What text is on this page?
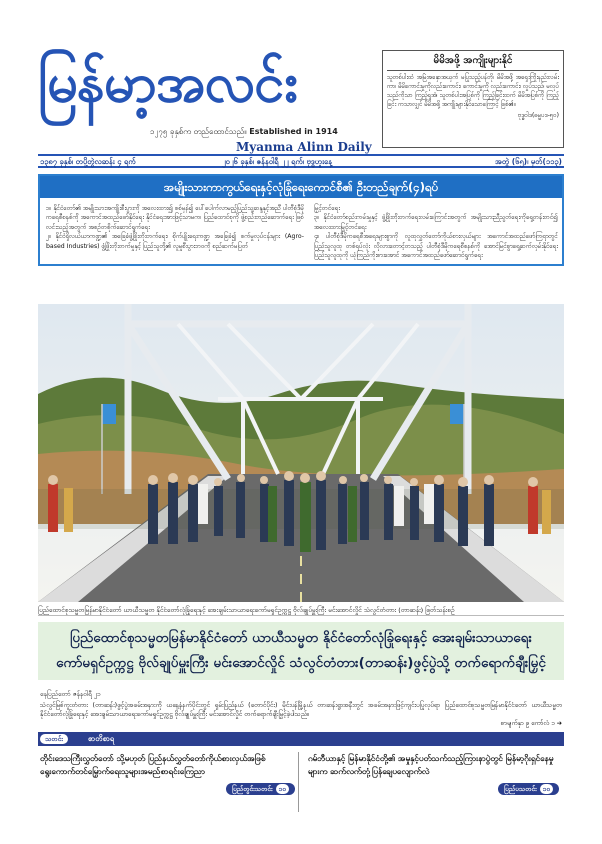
မြန်မာ့အလင်း
၁၂၇၅ ခုနှစ်က တည်ထောင်သည်။ Established in 1914
Myanma Alinn Daily
မိမိအဖို့ အကျိုးများနိုင်
သူတစ်ပါးထံ အမြဲအနှောအယှက် မပြုသည့်ပန်တို၊ မိမိအဖို့ အရှေးကြိုးနည်းလမ်းကာ၊ မိမိကောင်းမှုကိုလည်းကောင်း၊ ကောင်းမှုကို လည်းကောင်း၊ လှုပ်သည်၊ မလုပ်သည်ကိုသာ ကြည့်ရှုအံ၊ သူတစ်ပါးအပြစ်ကို ကြည့်ခြင်းထက် မိမိအပြစ်ကို ကြည့်ခြင်း ကသာလျှင် မိမိအဖို့ အကျိုးများနိုင်သောကြောင့် ဖြစ်၏။
ဗုဒ္ဓဝါဒ(ဓမ္မပဒ-၅၀)
၁၃၈၇ ခုနှစ်၊ တပို့တွဲလဆန်း ၄ ရက်	၂၀၂၆ ခုနှစ်၊ ဇန်နဝါရီ ၂၂ ရက်၊ ဗုဒ္ဓဟူးနေ့	အတွဲ (၆၅)၊ မှတ်(၁၁၃)
အမျိုးသားကာကွယ်ရေးနှင့်လုံခြုံရေးကောင်စီ၏ ဦးတည်ချက်(၄)ရပ်
၁။ နိုင်ငံတော်၏ အမျိုးသားအကျိုးစီးပွားကို အလေးထား၍ စစ်မှန်၍ ပေါ်ပေါက်လာမည့်ပြည်သူ့ဆန္ဒနှင့်အညီ ပါတီစုံဒီမိုကရေစီစနစ်ကို အကောင်အထည်ဖော်နိုင်ရေး နိုင်ငံရေးအားဖြင့်သာမက၊ ပြည်ထောင်စုကို ဖွဲ့စည်းတည်ဆောက်ရေး ဖြစ်လင်းသည့်အတွက် အစဉ်တစိုက်ဆောင်ရွက်ရေး
၂။ နိုင်ငံရှိလယ်ယာကဏ္ဍ၏ အခြေခံဖွံ့ဖြိုးတိုးတက်ရေး၊ စိုက်ပျိုးရေးကဏ္ဍ အခြေခံ၍ စက်မှုလုပ်ငန်းများ (Agro-based Industries) ဖွံ့ဖြိုးတိုးတက်မှုနှင့် ပြည်သူတို့၏ လူမှုစီးပွားဘဝကို စည်ဆက်မပြတ်
မြှင့်တင်ရေး
၃။ နိုင်ငံတော်စည်းကမ်းမှုနှင့် ဖွံ့ဖြိုးတိုးတက်ရေးလမ်းကြောင်းအတွက် အမျိုးသားညီညွတ်ရေးကိုရှေ့တန်းတင်၍ အလေးထားမြှင့်တင်ရေး
၄။ ပါတီစုံဒီမိုကရေစီအရေးများစွာကို လူထုလွှတ်တော်ကိုယ်စားလှယ်များ အကောင်အထည်ဖော်ကြရာတွင် ပြည်သူလူထု တစ်ရပ်လုံး လိုလားတောင့်တသည့် ပါတီစုံဒီမိုကရေစီစနစ်ကို အောင်မြင်စွာရှေ့ဆက်လှမ်းနိုင်ရေး ပြည်သူလူထုကို ယုံကြည်ကိုးစားအောင် အကောင်အထည်ဖော်ဆောင်ရွက်ရေး
ပြည်ထောင်စုသမ္မတမြန်မာနိုင်ငံတော် ယာယီသမ္မတ နိုင်ငံတော်လုံခြုံရေးနှင့် အေးချမ်းသာယာရေးကော်မရှင်ဥက္ကဋ္ဌ ဗိုလ်ချုပ်မှူးကြီး မင်းအောင်လှိုင် သံလွင်တံတား (တာဆန်း) ဖြတ်သန်းစဉ်
ပြည်ထောင်စုသမ္မတမြန်မာနိုင်ငံတော် ယာယီသမ္မတ နိုင်ငံတော်လုံခြုံရေးနှင့် အေးချမ်းသာယာရေး
ကော်မရှင်ဥက္ကဋ္ဌ ဗိုလ်ချုပ်မှူးကြီး မင်းအောင်လှိုင် သံလွင်တံတား(တာဆန်း)ဖွင့်ပွဲသို့ တက်ရောက်ချီးမြှင့်
နေပြည်တော် ဇန်နဝါရီ ၂၁
သံလွင်မြစ်ကူးတံတား (တာဆန်း)ဖွင့်ပွဲအခမ်းအနားကို ယနေ့နံနက်ပိုင်းတွင် ရှမ်းပြည်နယ် (တောင်ပိုင်း) မိုင်းပန်မြို့နယ် တာဆန်းရွာအနီးတွင် အခမ်းအနားဖြင့်ကျင်းပပြုလုပ်ရာ ပြည်ထောင်စုသမ္မတမြန်မာနိုင်ငံတော် ယာယီသမ္မတ နိုင်ငံတော်လုံခြုံရေးနှင့် အေးချမ်းသာယာရေးကော်မရှင်ဥက္ကဋ္ဌ ဗိုလ်ချုပ်မှူးကြီး မင်းအောင်လှိုင် တက်ရောက်ချီးမြှင့်ခဲ့ပါသည်။
စာမျက်နှာ ၉ ကော်လံ ၁ ➔
သတင်း	စာတိစာရ
တိုင်းဒေသကြီးလွှတ်တော် သို့မဟုတ် ပြည်နယ်လွှတ်တော်ကိုယ်စားလှယ်အဖြစ် ရွေးကောက်တင်မြှောက်ရေးသူများအမည်စာရင်းကြေညာ
ဂမ်ဘီယာနှင့် မြန်မာနိုင်ငံတို့၏ အမှုနှင့်ပတ်သက်သည့်ကြားနာပွဲတွင် မြန်မာ့ဂိုးရှင်နေမှုများက ဆက်လက်တုံ့ပြန်ချေပလျောက်လဲ
ပြည်တွင်းသတင်း ၁၀	ပြည်ပသတင်း ၁၀
